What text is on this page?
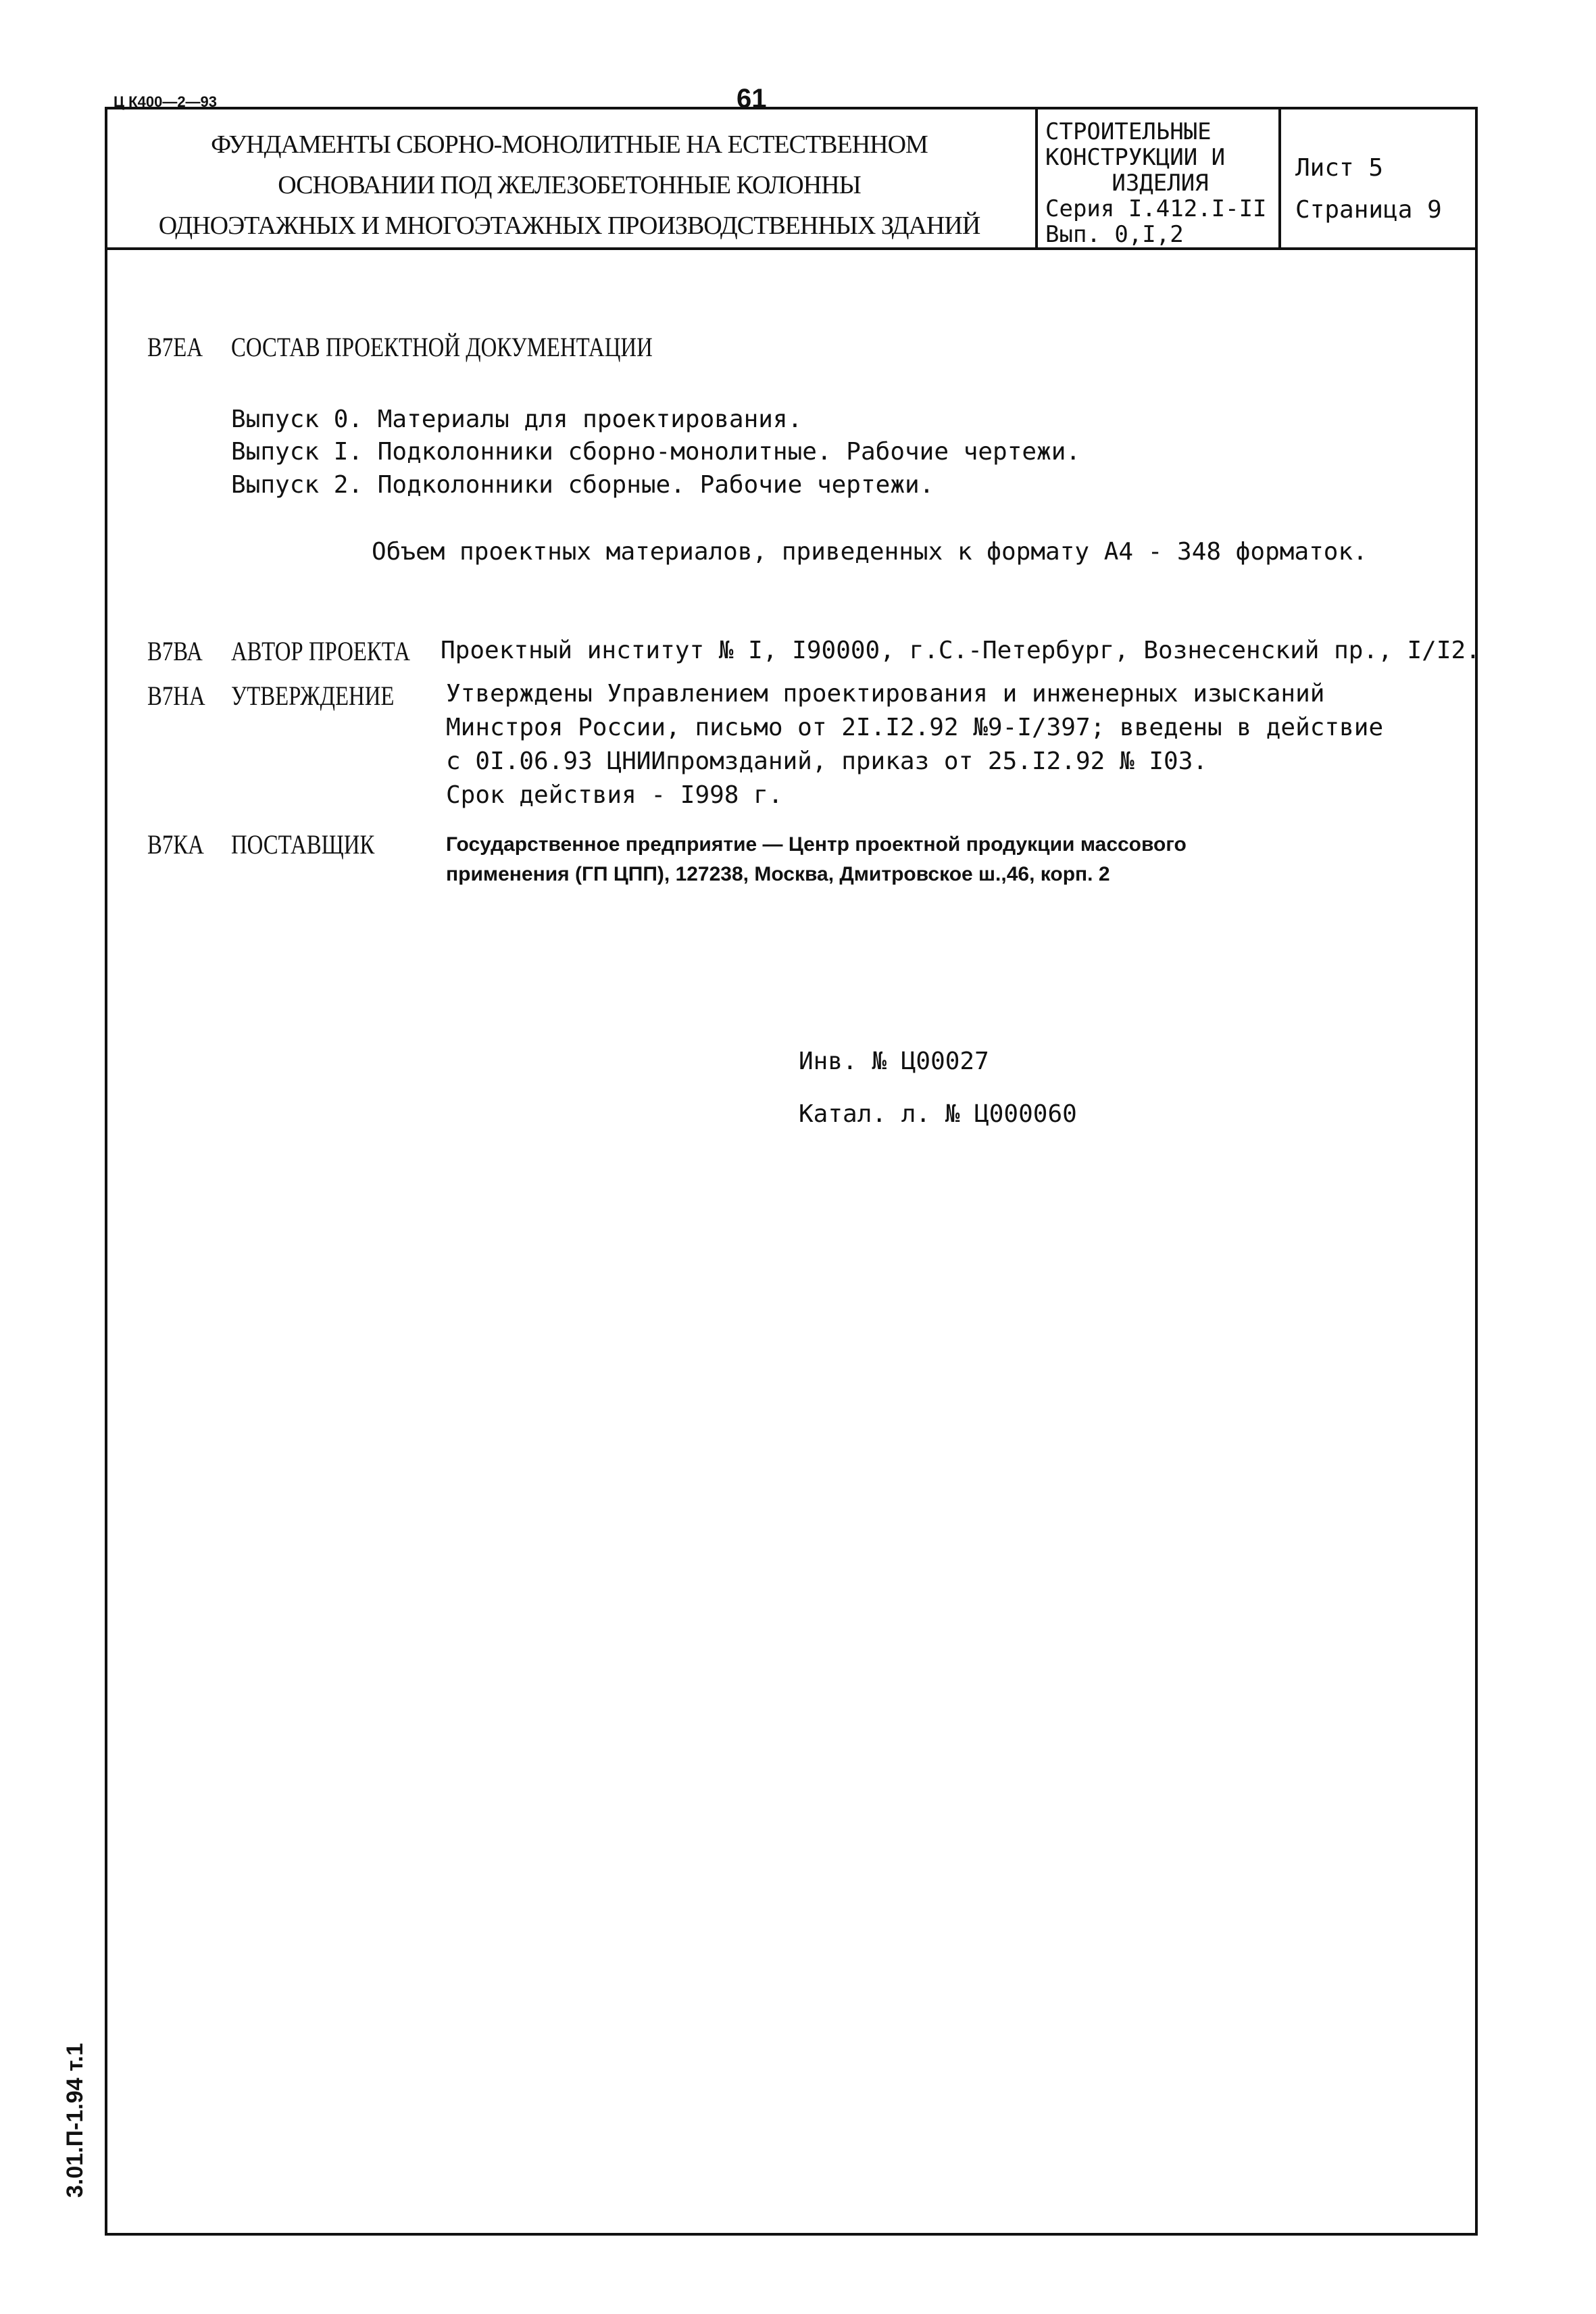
Ц К400—2—93	61
ФУНДАМЕНТЫ СБОРНО-МОНОЛИТНЫЕ НА ЕСТЕСТВЕННОМ
ОСНОВАНИИ ПОД ЖЕЛЕЗОБЕТОННЫЕ КОЛОННЫ
ОДНОЭТАЖНЫХ И МНОГОЭТАЖНЫХ ПРОИЗВОДСТВЕННЫХ ЗДАНИЙ
СТРОИТЕЛЬНЫЕ
КОНСТРУКЦИИ И
ИЗДЕЛИЯ
Серия I.412.I-II
Вып. 0,I,2
Лист 5
Страница 9
В7ЕА СОСТАВ ПРОЕКТНОЙ ДОКУМЕНТАЦИИ
Выпуск 0. Материалы для проектирования.
Выпуск I. Подколонники сборно-монолитные. Рабочие чертежи.
Выпуск 2. Подколонники сборные. Рабочие чертежи.
Объем проектных материалов, приведенных к формату А4 - 348 форматок.
В7ВА АВТОР ПРОЕКТА Проектный институт № I, I90000, г.С.-Петербург, Вознесенский пр., I/I2.
В7НА УТВЕРЖДЕНИЕ Утверждены Управлением проектирования и инженерных изысканий
Минстроя России, письмо от 2I.I2.92 №9-I/397; введены в действие
с 0I.06.93 ЦНИИпромзданий, приказ от 25.I2.92 № I03.
Срок действия - I998 г.
В7КА ПОСТАВЩИК	Государственное предприятие — Центр проектной продукции массового
применения (ГП ЦПП), 127238, Москва, Дмитровское ш.,46, корп. 2
Инв. № Ц00027
Катал. л. № Ц000060
3.01.П-1.94 т.1
